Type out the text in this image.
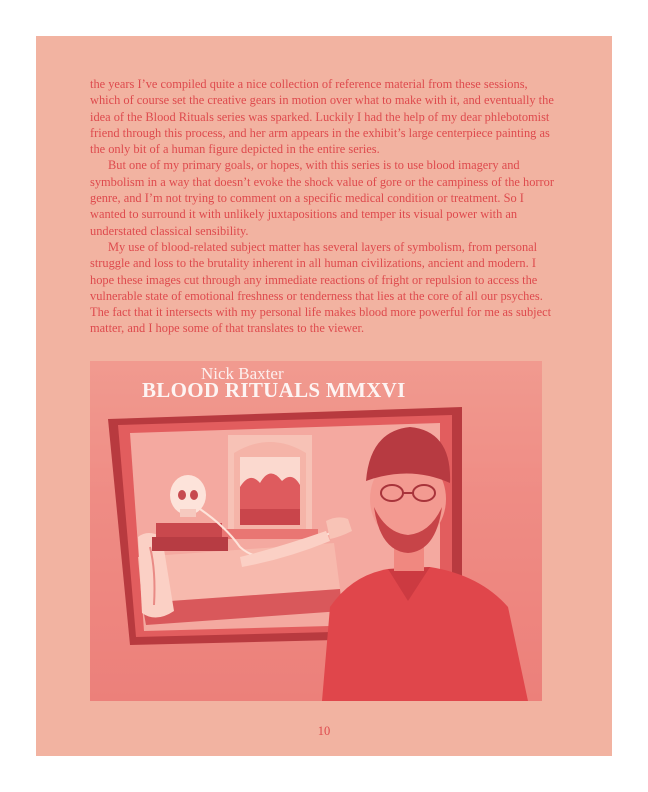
the years I’ve compiled quite a nice collection of reference material from these sessions, which of course set the creative gears in motion over what to make with it, and eventually the idea of the Blood Rituals series was sparked. Luckily I had the help of my dear phlebotomist friend through this process, and her arm appears in the exhibit’s large centerpiece painting as the only bit of a human figure depicted in the entire series.

But one of my primary goals, or hopes, with this series is to use blood imagery and symbolism in a way that doesn’t evoke the shock value of gore or the campiness of the horror genre, and I’m not trying to comment on a specific medical condition or treatment. So I wanted to surround it with unlikely juxtapositions and temper its visual power with an understated classical sensibility.

My use of blood-related subject matter has several layers of symbolism, from personal struggle and loss to the brutality inherent in all human civilizations, ancient and modern. I hope these images cut through any immediate reactions of fright or repulsion to access the vulnerable state of emotional freshness or tenderness that lies at the core of all our psyches. The fact that it intersects with my personal life makes blood more powerful for me as subject matter, and I hope some of that translates to the viewer.

Nick Baxter
BLOOD RITUALS MMXVI
10
